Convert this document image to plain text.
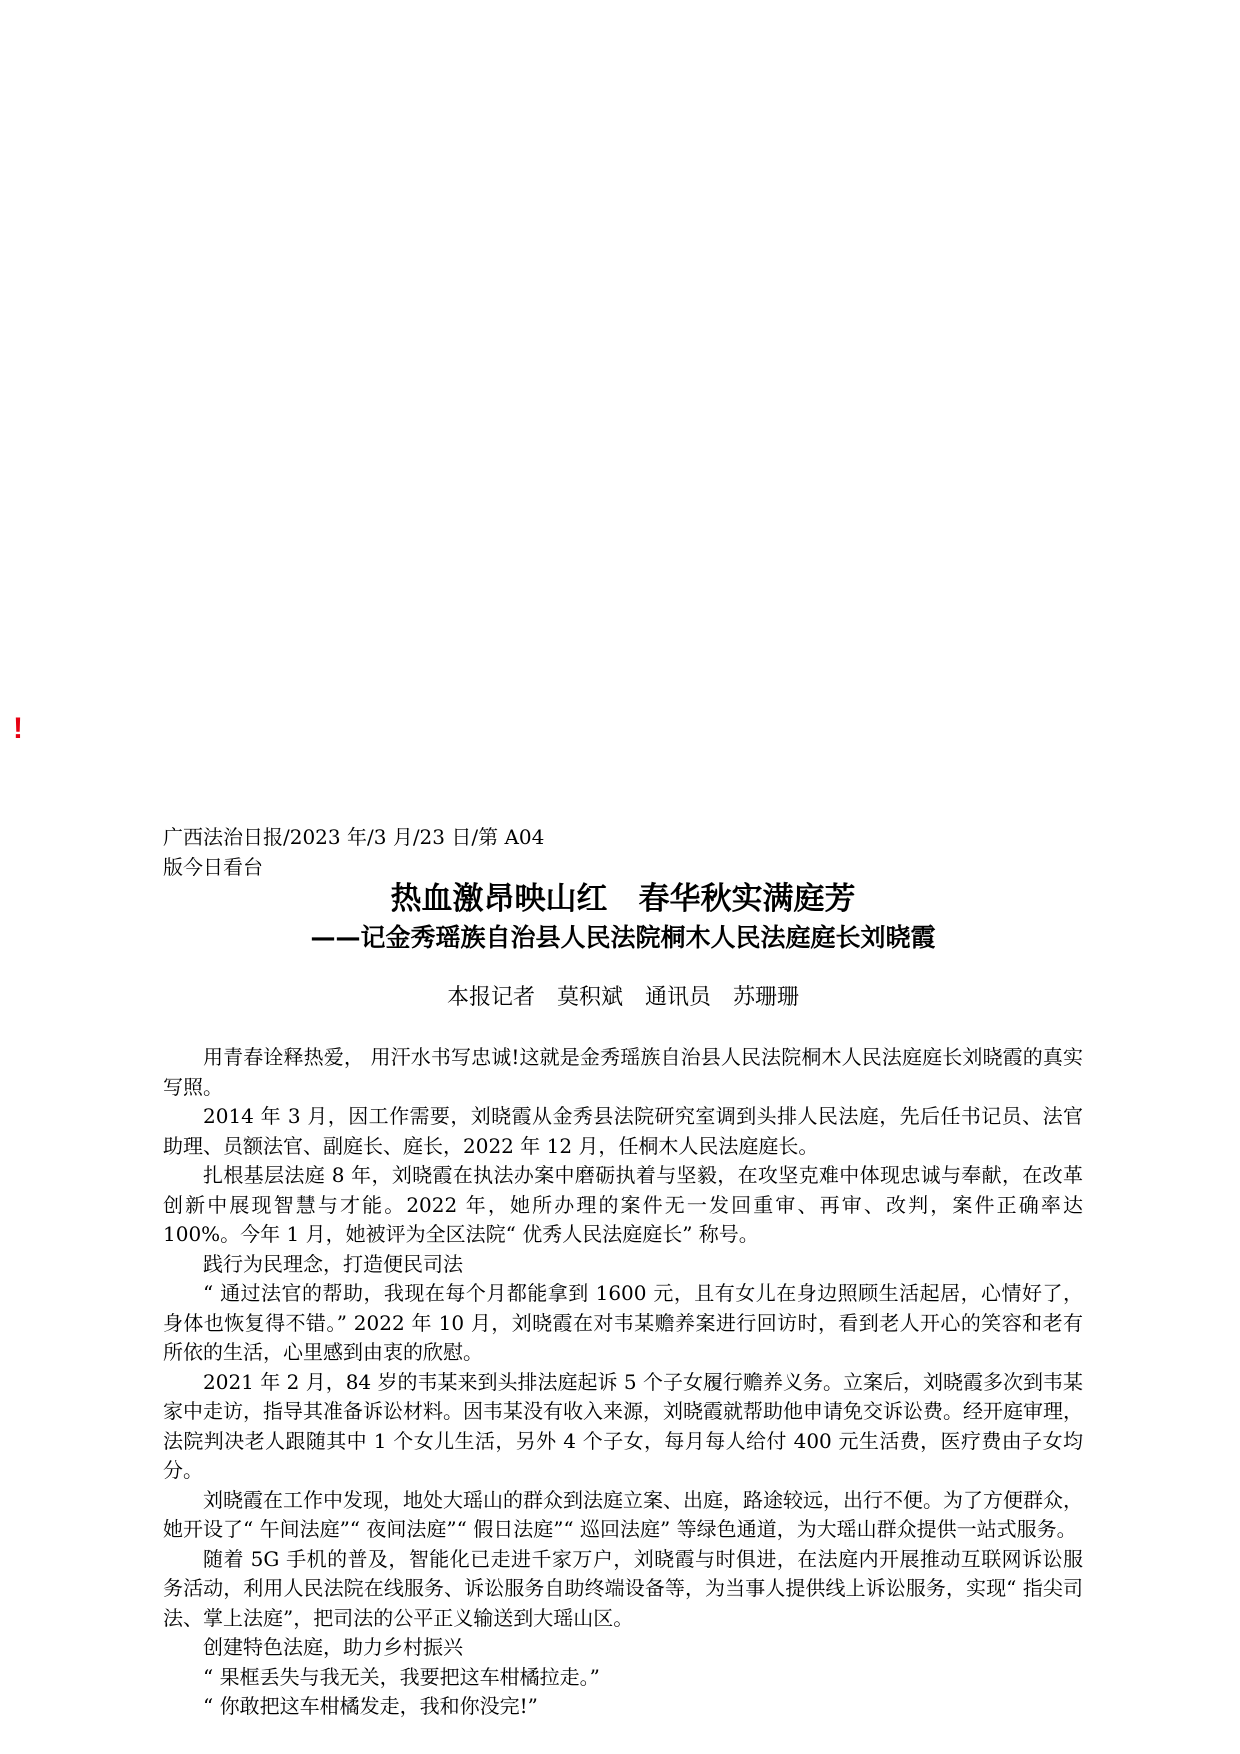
!
广西法治日报/2023 年/3 月/23 日/第 A04
版今日看台
热血激昂映山红　春华秋实满庭芳
——记金秀瑶族自治县人民法院桐木人民法庭庭长刘晓霞
本报记者　莫积斌　通讯员　苏珊珊

用青春诠释热爱， 用汗水书写忠诚!这就是金秀瑶族自治县人民法院桐木人民法庭庭长刘晓霞的真实写照。

2014 年 3 月，因工作需要，刘晓霞从金秀县法院研究室调到头排人民法庭，先后任书记员、法官助理、员额法官、副庭长、庭长，2022 年 12 月，任桐木人民法庭庭长。

扎根基层法庭 8 年，刘晓霞在执法办案中磨砺执着与坚毅，在攻坚克难中体现忠诚与奉献，在改革创新中展现智慧与才能。2022 年，她所办理的案件无一发回重审、再审、改判，案件正确率达 100%。今年 1 月，她被评为全区法院“ 优秀人民法庭庭长” 称号。

践行为民理念，打造便民司法

“ 通过法官的帮助，我现在每个月都能拿到 1600 元，且有女儿在身边照顾生活起居，心情好了，身体也恢复得不错。” 2022 年 10 月，刘晓霞在对韦某赡养案进行回访时，看到老人开心的笑容和老有所依的生活，心里感到由衷的欣慰。

2021 年 2 月，84 岁的韦某来到头排法庭起诉 5 个子女履行赡养义务。立案后，刘晓霞多次到韦某家中走访，指导其准备诉讼材料。因韦某没有收入来源，刘晓霞就帮助他申请免交诉讼费。经开庭审理，法院判决老人跟随其中 1 个女儿生活，另外 4 个子女，每月每人给付 400 元生活费，医疗费由子女均分。

刘晓霞在工作中发现，地处大瑶山的群众到法庭立案、出庭，路途较远，出行不便。为了方便群众，她开设了“ 午间法庭”“ 夜间法庭”“ 假日法庭”“ 巡回法庭” 等绿色通道，为大瑶山群众提供一站式服务。

随着 5G 手机的普及，智能化已走进千家万户，刘晓霞与时俱进，在法庭内开展推动互联网诉讼服务活动，利用人民法院在线服务、诉讼服务自助终端设备等，为当事人提供线上诉讼服务，实现“ 指尖司法、掌上法庭”，把司法的公平正义输送到大瑶山区。

创建特色法庭，助力乡村振兴

“ 果框丢失与我无关，我要把这车柑橘拉走。”

“ 你敢把这车柑橘发走，我和你没完!”
